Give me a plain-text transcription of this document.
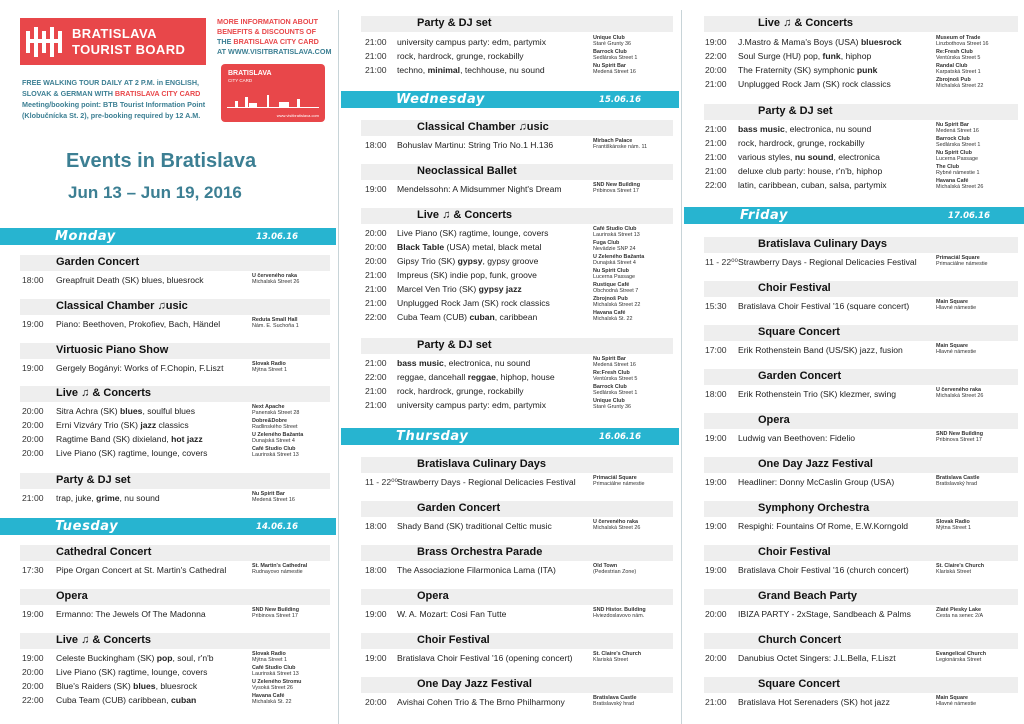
BRATISLAVA
TOURIST BOARD
MORE INFORMATION ABOUT
BENEFITS & DISCOUNTS OF
THE BRATISLAVA CITY CARD
AT WWW.VISITBRATISLAVA.COM
FREE WALKING TOUR DAILY AT 2 P.M. in ENGLISH,
SLOVAK & GERMAN WITH BRATISLAVA CITY CARD
Meeting/booking point: BTB Tourist Information Point
(Klobučnícka St. 2), pre-booking required by 12 A.M.
BRATISLAVA
CITY CARD
www.visitbratislava.com
Events in Bratislava
Jun 13 – Jun 19, 2016
Monday	13.06.16
Garden Concert
18:00 Greapfruit Death (SK) blues, bluesrock	U červeného raka
Michalská Street 26
Classical Chamber ♫usic
19:00 Piano: Beethoven, Prokofiev, Bach, Händel	Reduta Small Hall
Nám. E. Suchoňa 1
Virtuosic Piano Show
19:00 Gergely Bogányi: Works of F.Chopin, F.Liszt	Slovak Radio
Mýtna Street 1
Live ♫ & Concerts
20:00 Sitra Achra (SK) blues, soulful blues	Next Apache
Panenská Street 28
20:00 Erni Vizváry Trio (SK) jazz classics	Dobre&Dobre
Radlinského Street
20:00 Ragtime Band (SK) dixieland, hot jazz	U Zeleného Bažanta
Dunajská Street 4
20:00 Live Piano (SK) ragtime, lounge, covers	Café Studio Club
Laurinská Street 13
Party & DJ set
21:00 trap, juke, grime, nu sound	Nu Spirit Bar
Medená Street 16
Tuesday	14.06.16
Cathedral Concert
17:30 Pipe Organ Concert at St. Martin's Cathedral	St. Martin's Cathedral
Rudnayovo námestie
Opera
19:00 Ermanno: The Jewels Of The Madonna	SND New Building
Pribinova Street 17
Live ♫ & Concerts
19:00 Celeste Buckingham (SK) pop, soul, r'n'b	Slovak Radio
Mýtna Street 1
20:00 Live Piano (SK) ragtime, lounge, covers	Café Studio Club
Laurinská Street 13
20:00 Blue's Raiders (SK) blues, bluesrock	U Zeleného Stromu
Vysoká Street 26
22:00 Cuba Team (CUB) caribbean, cuban	Havana Café
Michalská St. 22
Party & DJ set
21:00 university campus party: edm, partymix	Unique Club
Staré Grunty 36
21:00 rock, hardrock, grunge, rockabilly	Barrock Club
Sedlárska Street 1
21:00 techno, minimal, techhouse, nu sound	Nu Spirit Bar
Medená Street 16
Wednesday	15.06.16
Classical Chamber ♫usic
18:00 Bohuslav Martinu: String Trio No.1 H.136	Mirbach Palace
Františkánske nám. 11
Neoclassical Ballet
19:00 Mendelssohn: A Midsummer Night's Dream	SND New Building
Pribinova Street 17
Live ♫ & Concerts
20:00 Live Piano (SK) ragtime, lounge, covers	Café Studio Club
Laurinská Street 13
20:00 Black Table (USA) metal, black metal	Fuga Club
Nevädzie SNP 24
20:00 Gipsy Trio (SK) gypsy, gypsy groove	U Zeleného Bažanta
Dunajská Street 4
21:00 Impreus (SK) indie pop, funk, groove	Nu Spirit Club
Lucerna Passage
21:00 Marcel Ven Trio (SK) gypsy jazz	Rustique Café
Obchodná Street 7
21:00 Unplugged Rock Jam (SK) rock classics	Zbrojnoš Pub
Michalská Street 22
22:00 Cuba Team (CUB) cuban, caribbean	Havana Café
Michalská St. 22
Party & DJ set
21:00 bass music, electronica, nu sound	Nu Spirit Bar
Medená Street 16
22:00 reggae, dancehall reggae, hiphop, house	Re:Fresh Club
Ventúrska Street 5
21:00 rock, hardrock, grunge, rockabilly	Barrock Club
Sedlárska Street 1
21:00 university campus party: edm, partymix	Unique Club
Staré Grunty 36
Thursday	16.06.16
Bratislava Culinary Days
11 - 22⁰⁰
Strawberry Days - Regional Delicacies Festival	Primaciál Square
Primaciálne námestie
Garden Concert
18:00 Shady Band (SK) traditional Celtic music	U červeného raka
Michalská Street 26
Brass Orchestra Parade
18:00 The Associazione Filarmonica Lama (ITA)	Old Town
(Pedestrian Zone)
Opera
19:00 W. A. Mozart: Cosi Fan Tutte	SND Histor. Building
Hviezdoslavovo nám.
Choir Festival
19:00 Bratislava Choir Festival '16 (opening concert)	St. Claire's Church
Klariská Street
One Day Jazz Festival
20:00 Avishai Cohen Trio & The Brno Philharmony	Bratislava Castle
Bratislavský hrad
Live ♫ & Concerts
19:00 J.Mastro & Mama's Boys (USA) bluesrock	Museum of Trade
Linzbothova Street 16
22:00 Soul Surge (HU) pop, funk, hiphop	Re:Fresh Club
Ventúrska Street 5
20:00 The Fraternity (SK) symphonic punk	Randal Club
Karpatská Street 1
21:00 Unplugged Rock Jam (SK) rock classics	Zbrojnoš Pub
Michalská Street 22
Party & DJ set
21:00 bass music, electronica, nu sound	Nu Spirit Bar
Medená Street 16
21:00 rock, hardrock, grunge, rockabilly	Barrock Club
Sedlárska Street 1
21:00 various styles, nu sound, electronica	Nu Spirit Club
Lucerna Passage
21:00 deluxe club party: house, r'n'b, hiphop	The Club
Rybné námestie 1
22:00 latin, caribbean, cuban, salsa, partymix	Havana Café
Michalská Street 26
Friday	17.06.16
Bratislava Culinary Days
11 - 22⁰⁰ Strawberry Days - Regional Delicacies Festival	Primaciál Square
Primaciálne námestie
Choir Festival
15:30 Bratislava Choir Festival '16 (square concert)	Main Square
Hlavné námestie
Square Concert
17:00 Erik Rothenstein Band (US/SK) jazz, fusion	Main Square
Hlavné námestie
Garden Concert
18:00 Erik Rothenstein Trio (SK) klezmer, swing	U červeného raka
Michalská Street 26
Opera
19:00 Ludwig van Beethoven: Fidelio	SND New Building
Pribinova Street 17
One Day Jazz Festival
19:00 Headliner: Donny McCaslin Group (USA)	Bratislava Castle
Bratislavský hrad
Symphony Orchestra
19:00 Respighi: Fountains Of Rome, E.W.Korngold	Slovak Radio
Mýtna Street 1
Choir Festival
19:00 Bratislava Choir Festival '16 (church concert)	St. Claire's Church
Klariská Street
Grand Beach Party
20:00 IBIZA PARTY - 2xStage, Sandbeach & Palms	Zlaté Piesky Lake
Cesta na senec 2/A
Church Concert
20:00 Danubius Octet Singers: J.L.Bella, F.Liszt	Evangelical Church
Legionárska Street
Square Concert
21:00 Bratislava Hot Serenaders (SK) hot jazz	Main Square
Hlavné námestie
